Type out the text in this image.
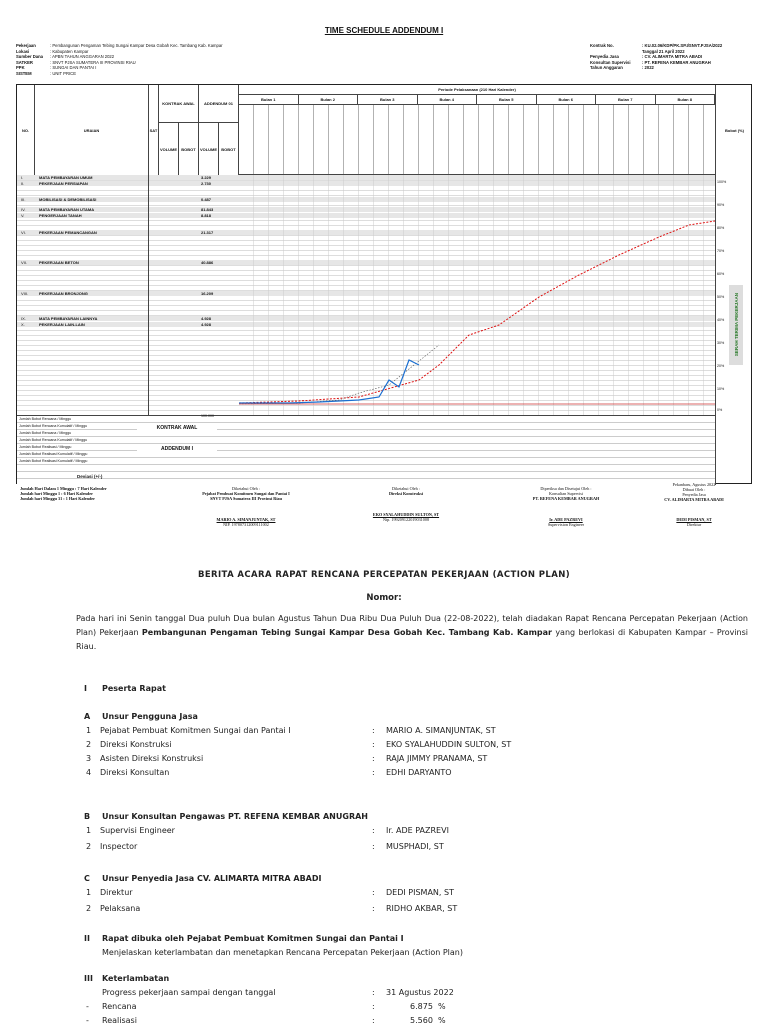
TIME SCHEDULE ADDENDUM I
Pekerjaan	: Pembangunan Pengaman Tebing Sungai Kampar Desa Gobah Kec. Tambang Kab. Kampar
Lokasi	: Kabupaten Kampar
Sumber Dana	: APBN TAHUN ANGGARAN 2022
SATKER	: SNVT PJSA SUMATERA III PROVINSI RIAU
PPK	: SUNGAI DAN PANTAI I
SISTEM	: UNIT PRICE
Kontrak No.	: KU.02.06/KDP/PK.SP.I/SNVT.PJSA/2022
Tanggal 21 April 2022
Penyedia Jasa	: CV. ALIMARTA MITRA ABADI
Konsultan Supervisi	: PT. REFENA KEMBAR ANUGRAH
Tahun Anggaran	: 2022
NO.	URAIAN	SAT
KONTRAK AWAL
VOLUME	BOBOT
ADDENDUM 01
VOLUME	BOBOT
Periode Pelaksanaan (210 Hari Kalender)
Bulan 1	Bulan 2	Bulan 3	Bulan 4	Bulan 5	Bulan 6	Bulan 7	Bulan 8
I.	MATA PEMBAYARAN UMUM	3.229
II.	PEKERJAAN PERSIAPAN	2.730
III.	MOBILISASI & DEMOBILISASI	0.487
IV.	MATA PEMBAYARAN UTAMA	81.843
V.	PENGERJAAN TANAH	8.818
VI.	PEKERJAAN PEMANCANGAN	21.317
VII.	PEKERJAAN BETON	40.886
VIII.	PEKERJAAN BRONJONG	16.209
IX.	MATA PEMBAYARAN LAINNYA	4.928
X.	PEKERJAAN LAIN-LAIN	4.928
Bobot (%)
100%
90%
80%
70%
60%
50%
40%
30%
20%
10%
0%
SERAH TERIMA PEKERJAAN
Jumlah Bobot Rencana / Minggu
Jumlah Bobot Rencana Kumulatif / Minggu
Jumlah Bobot Rencana / Minggu
Jumlah Bobot Rencana Kumulatif / Minggu
Jumlah Bobot Realisasi / Minggu
Jumlah Bobot Realisasi Kumulatif / Minggu
Jumlah Bobot Realisasi Kumulatif / Minggu
KONTRAK AWAL
ADDENDUM I
Deviasi (+/-)
100.000
Jumlah Hari Dalam 1 Minggu : 7 Hari Kalender
Jumlah hari Minggu 1 : 6 Hari Kalender
Jumlah hari Minggu 31 : 1 Hari Kalender
Diketahui Oleh :
Pejabat Pembuat Komitmen Sungai dan Pantai I
SNVT PJSA Sumatera III Provinsi Riau
MARIO A. SIMANJUNTAK, ST
NIP. 197807312009111002
Diketahui Oleh :
Direksi Konstruksi
EKO SYALAHUDDIN SULTON, ST
Nip. 199209122019031008
Diperiksa dan Disetujui Oleh :
Konsultan Supervisi
PT. REFENA KEMBAR ANUGRAH
Ir. ADE PAZREVI
Supervision Engineer
Pekanbaru, Agustus 2022
Dibuat Oleh :
Penyedia Jasa
CV. ALIMARTA MITRA ABADI
DEDI PISMAN, ST
Direktur
BERITA ACARA RAPAT RENCANA PERCEPATAN PEKERJAAN (ACTION PLAN)
Nomor:
Pada hari ini Senin tanggal Dua puluh Dua bulan Agustus Tahun Dua Ribu Dua Puluh Dua (22-08-2022), telah diadakan Rapat Rencana Percepatan Pekerjaan (Action Plan) Pekerjaan Pembangunan Pengaman Tebing Sungai Kampar Desa Gobah Kec. Tambang Kab. Kampar yang berlokasi di Kabupaten Kampar – Provinsi Riau.
I Peserta Rapat
A Unsur Pengguna Jasa
1	Pejabat Pembuat Komitmen Sungai dan Pantai I	: MARIO A. SIMANJUNTAK, ST
2	Direksi Konstruksi	: EKO SYALAHUDDIN SULTON, ST
3	Asisten Direksi Konstruksi	: RAJA JIMMY PRANAMA, ST
4	Direksi Konsultan	: EDHI DARYANTO
B Unsur Konsultan Pengawas PT. REFENA KEMBAR ANUGRAH
1	Supervisi Engineer	: Ir. ADE PAZREVI
2	Inspector	: MUSPHADI, ST
C Unsur Penyedia Jasa CV. ALIMARTA MITRA ABADI
1	Direktur	: DEDI PISMAN, ST
2	Pelaksana	: RIDHO AKBAR, ST
II Rapat dibuka oleh Pejabat Pembuat Komitmen Sungai dan Pantai I
Menjelaskan keterlambatan dan menetapkan Rencana Percepatan Pekerjaan (Action Plan)
III Keterlambatan
Progress pekerjaan sampai dengan tanggal	: 31 Agustus 2022
- Rencana	:	6.875 %
- Realisasi	:	5.560 %
